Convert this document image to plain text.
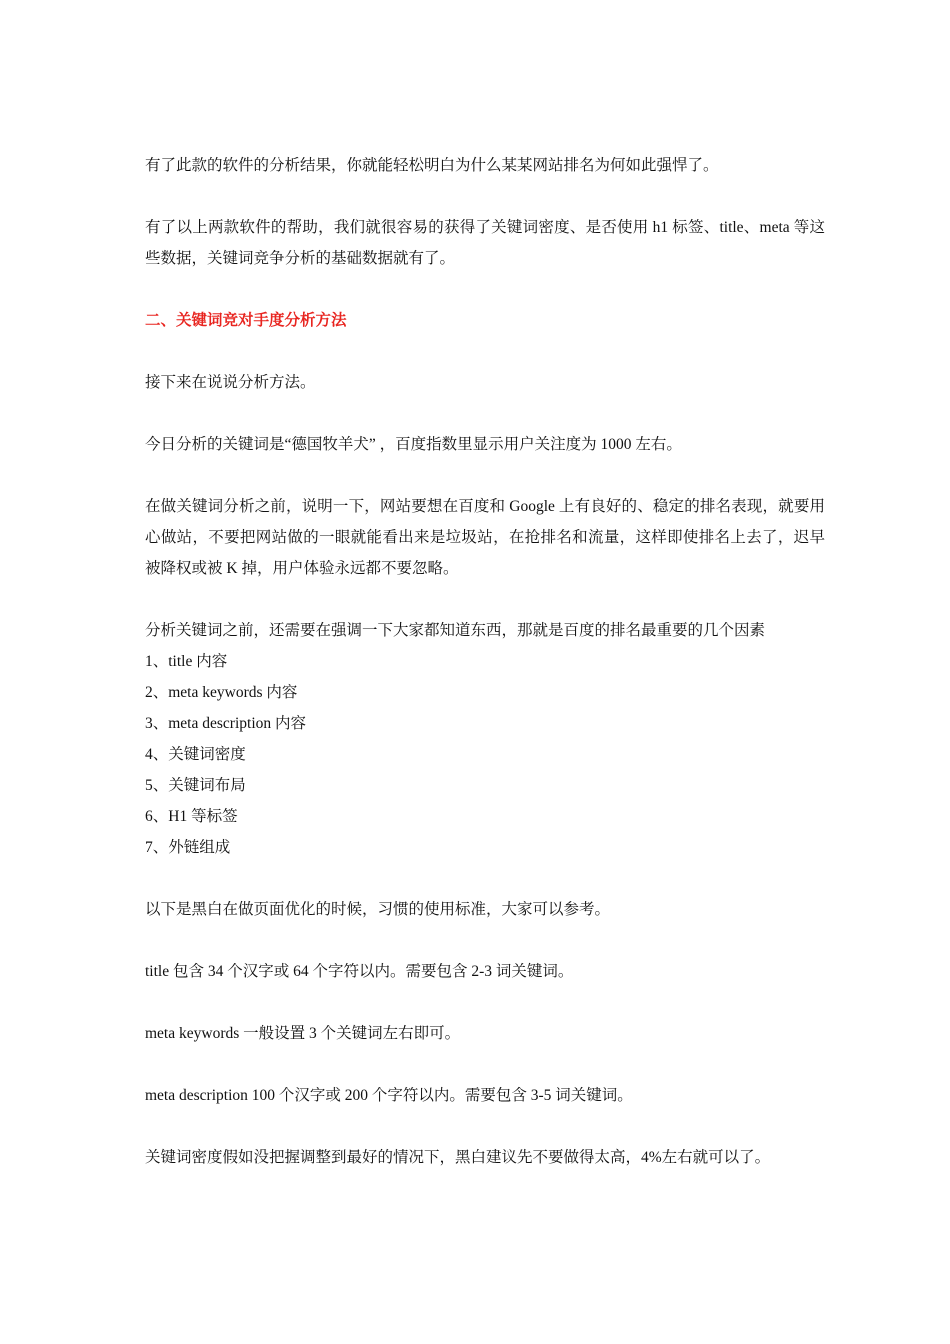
有了此款的软件的分析结果，你就能轻松明白为什么某某网站排名为何如此强悍了。

有了以上两款软件的帮助，我们就很容易的获得了关键词密度、是否使用 h1 标签、title、meta 等这些数据，关键词竞争分析的基础数据就有了。

二、关键词竞对手度分析方法

接下来在说说分析方法。

今日分析的关键词是“德国牧羊犬” ，百度指数里显示用户关注度为 1000 左右。

在做关键词分析之前，说明一下，网站要想在百度和 Google 上有良好的、稳定的排名表现，就要用心做站，不要把网站做的一眼就能看出来是垃圾站，在抢排名和流量，这样即使排名上去了，迟早被降权或被 K 掉，用户体验永远都不要忽略。

分析关键词之前，还需要在强调一下大家都知道东西，那就是百度的排名最重要的几个因素

1、title 内容
2、meta keywords 内容
3、meta description 内容
4、关键词密度
5、关键词布局
6、H1 等标签
7、外链组成

以下是黑白在做页面优化的时候，习惯的使用标准，大家可以参考。

title 包含 34 个汉字或 64 个字符以内。需要包含 2-3 词关键词。

meta keywords 一般设置 3 个关键词左右即可。

meta description 100 个汉字或 200 个字符以内。需要包含 3-5 词关键词。

关键词密度假如没把握调整到最好的情况下，黑白建议先不要做得太高，4%左右就可以了。
